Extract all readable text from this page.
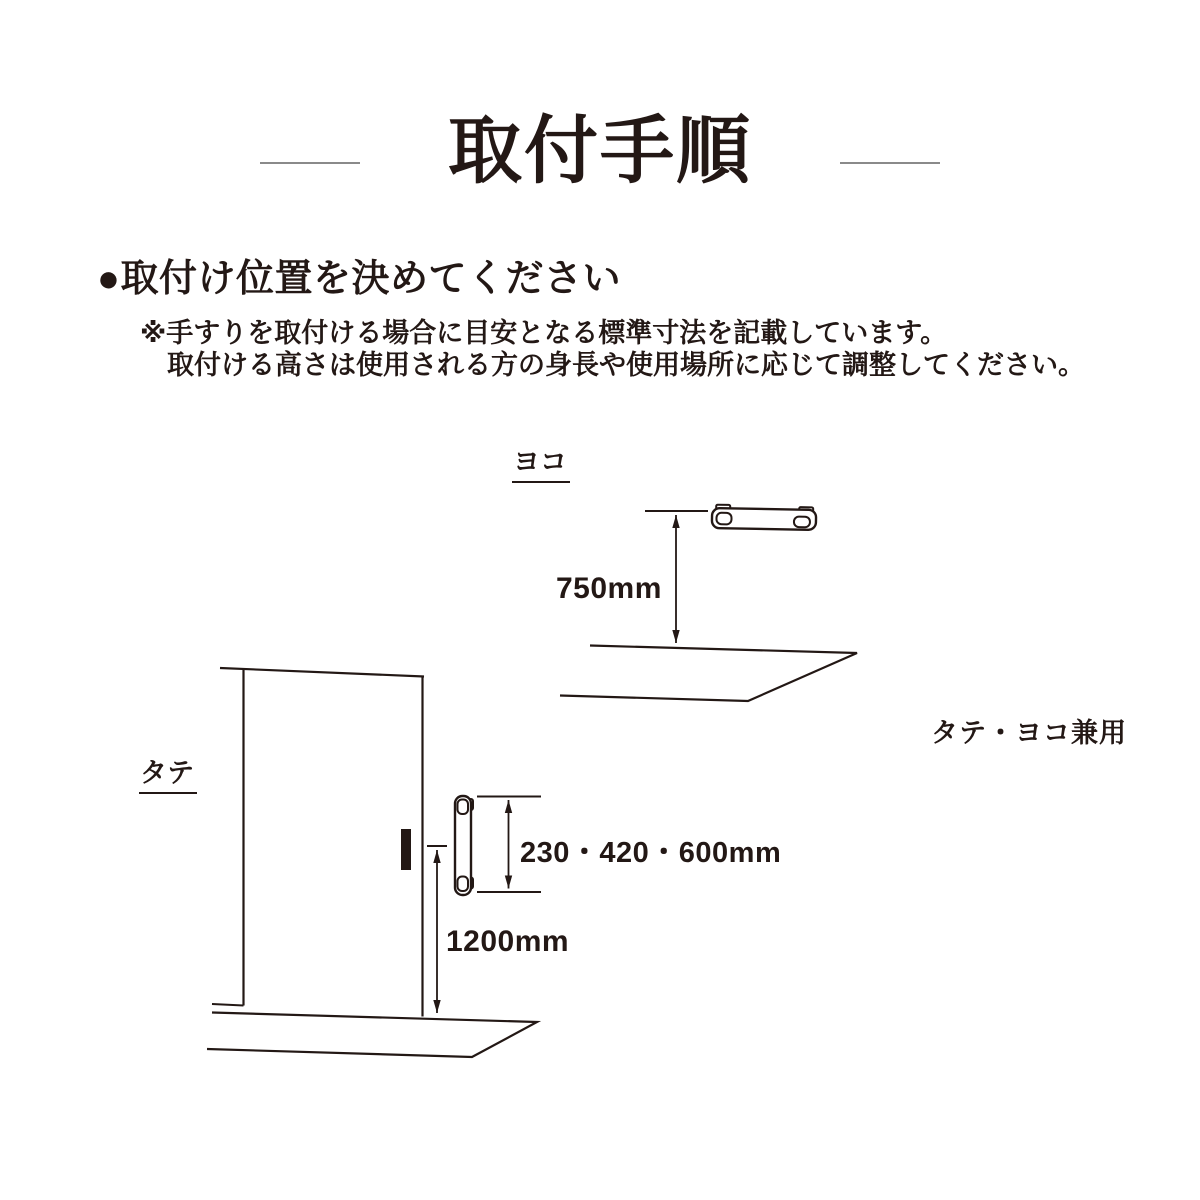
取付手順
●取付け位置を決めてください
※手すりを取付ける場合に目安となる標準寸法を記載しています。
取付ける高さは使用される方の身長や使用場所に応じて調整してください。
ヨコ
750mm
タテ
230・420・600mm
1200mm
タテ・ヨコ兼用
